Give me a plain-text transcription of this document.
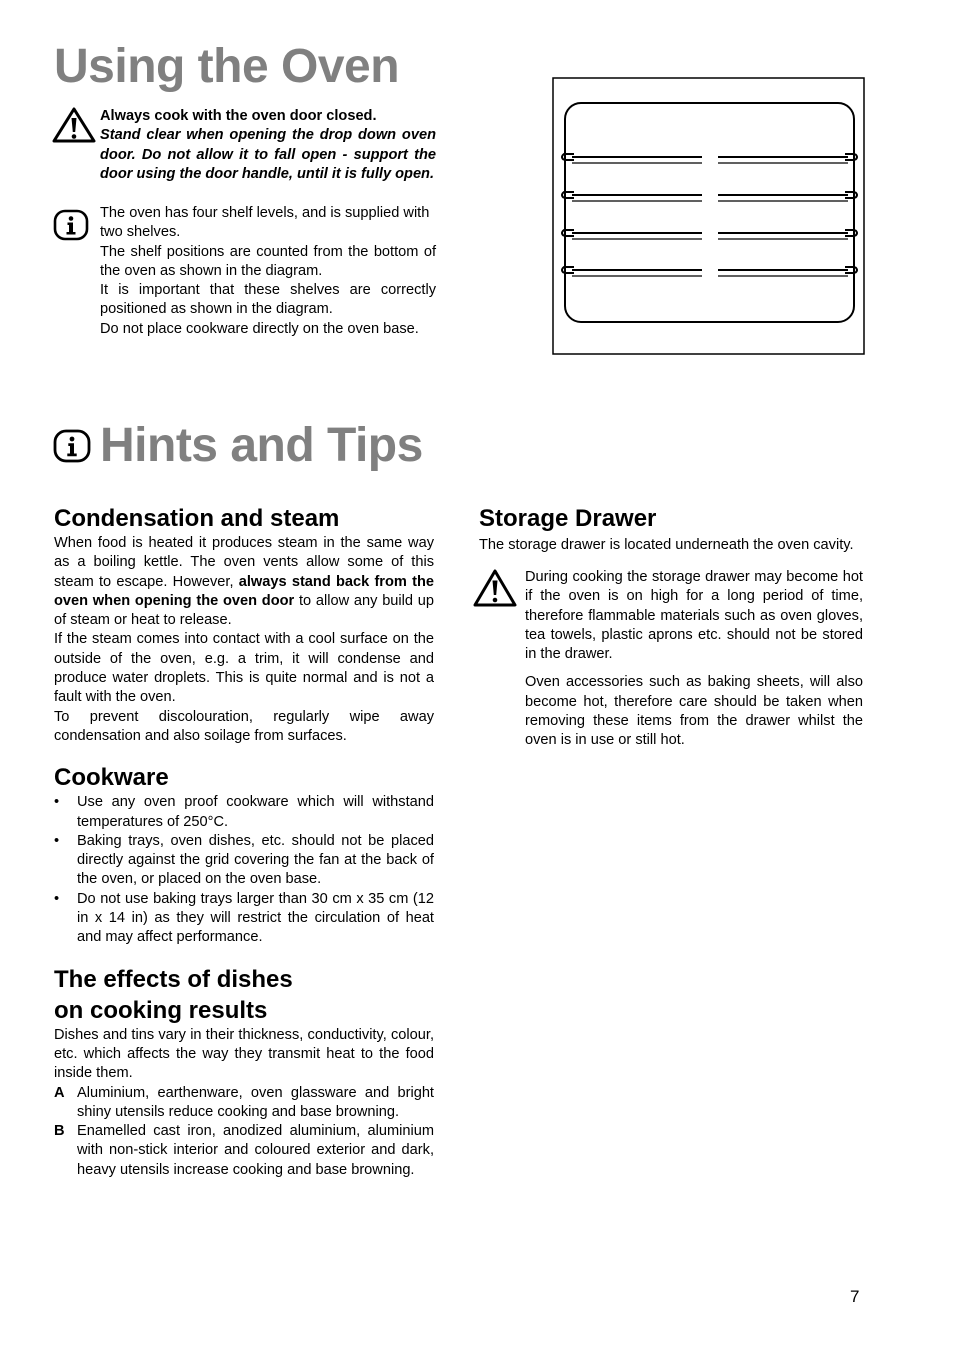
Using the Oven

Always cook with the oven door closed.

Stand clear when opening the drop down oven door. Do not allow it to fall open - support the door using the door handle, until it is fully open.

The oven has four shelf levels, and is supplied with two shelves.

The shelf positions are counted from the bottom of the oven as shown in the diagram.

It is important that these shelves are correctly positioned as shown in the diagram.

Do not place cookware directly on the oven base.

Hints and Tips
Condensation and steam

When food is heated it produces steam in the same way as a boiling kettle. The oven vents allow some of this steam to escape. However, always stand back from the oven when opening the oven door to allow any build up of steam or heat to release.

If the steam comes into contact with a cool surface on the outside of the oven, e.g. a trim, it will condense and produce water droplets. This is quite normal and is not a fault with the oven.

To prevent discolouration, regularly wipe away condensation and also soilage from surfaces.

Cookware
• Use any oven proof cookware which will withstand temperatures of 250°C.
• Baking trays, oven dishes, etc. should not be placed directly against the grid covering the fan at the back of the oven, or placed on the oven base.
• Do not use baking trays larger than 30 cm x 35 cm (12 in x 14 in) as they will restrict the circulation of heat and may affect performance.
The effects of dishes
on cooking results

Dishes and tins vary in their thickness, conductivity, colour, etc. which affects the way they transmit heat to the food inside them.

A Aluminium, earthenware, oven glassware and bright shiny utensils reduce cooking and base browning.
B Enamelled cast iron, anodized aluminium, aluminium with non-stick interior and coloured exterior and dark, heavy utensils increase cooking and base browning.
Storage Drawer

The storage drawer is located underneath the oven cavity.

During cooking the storage drawer may become hot if the oven is on high for a long period of time, therefore flammable materials such as oven gloves, tea towels, plastic aprons etc. should not be stored in the drawer.

Oven accessories such as baking sheets, will also become hot, therefore care should be taken when removing these items from the drawer whilst the oven is in use or still hot.

7
